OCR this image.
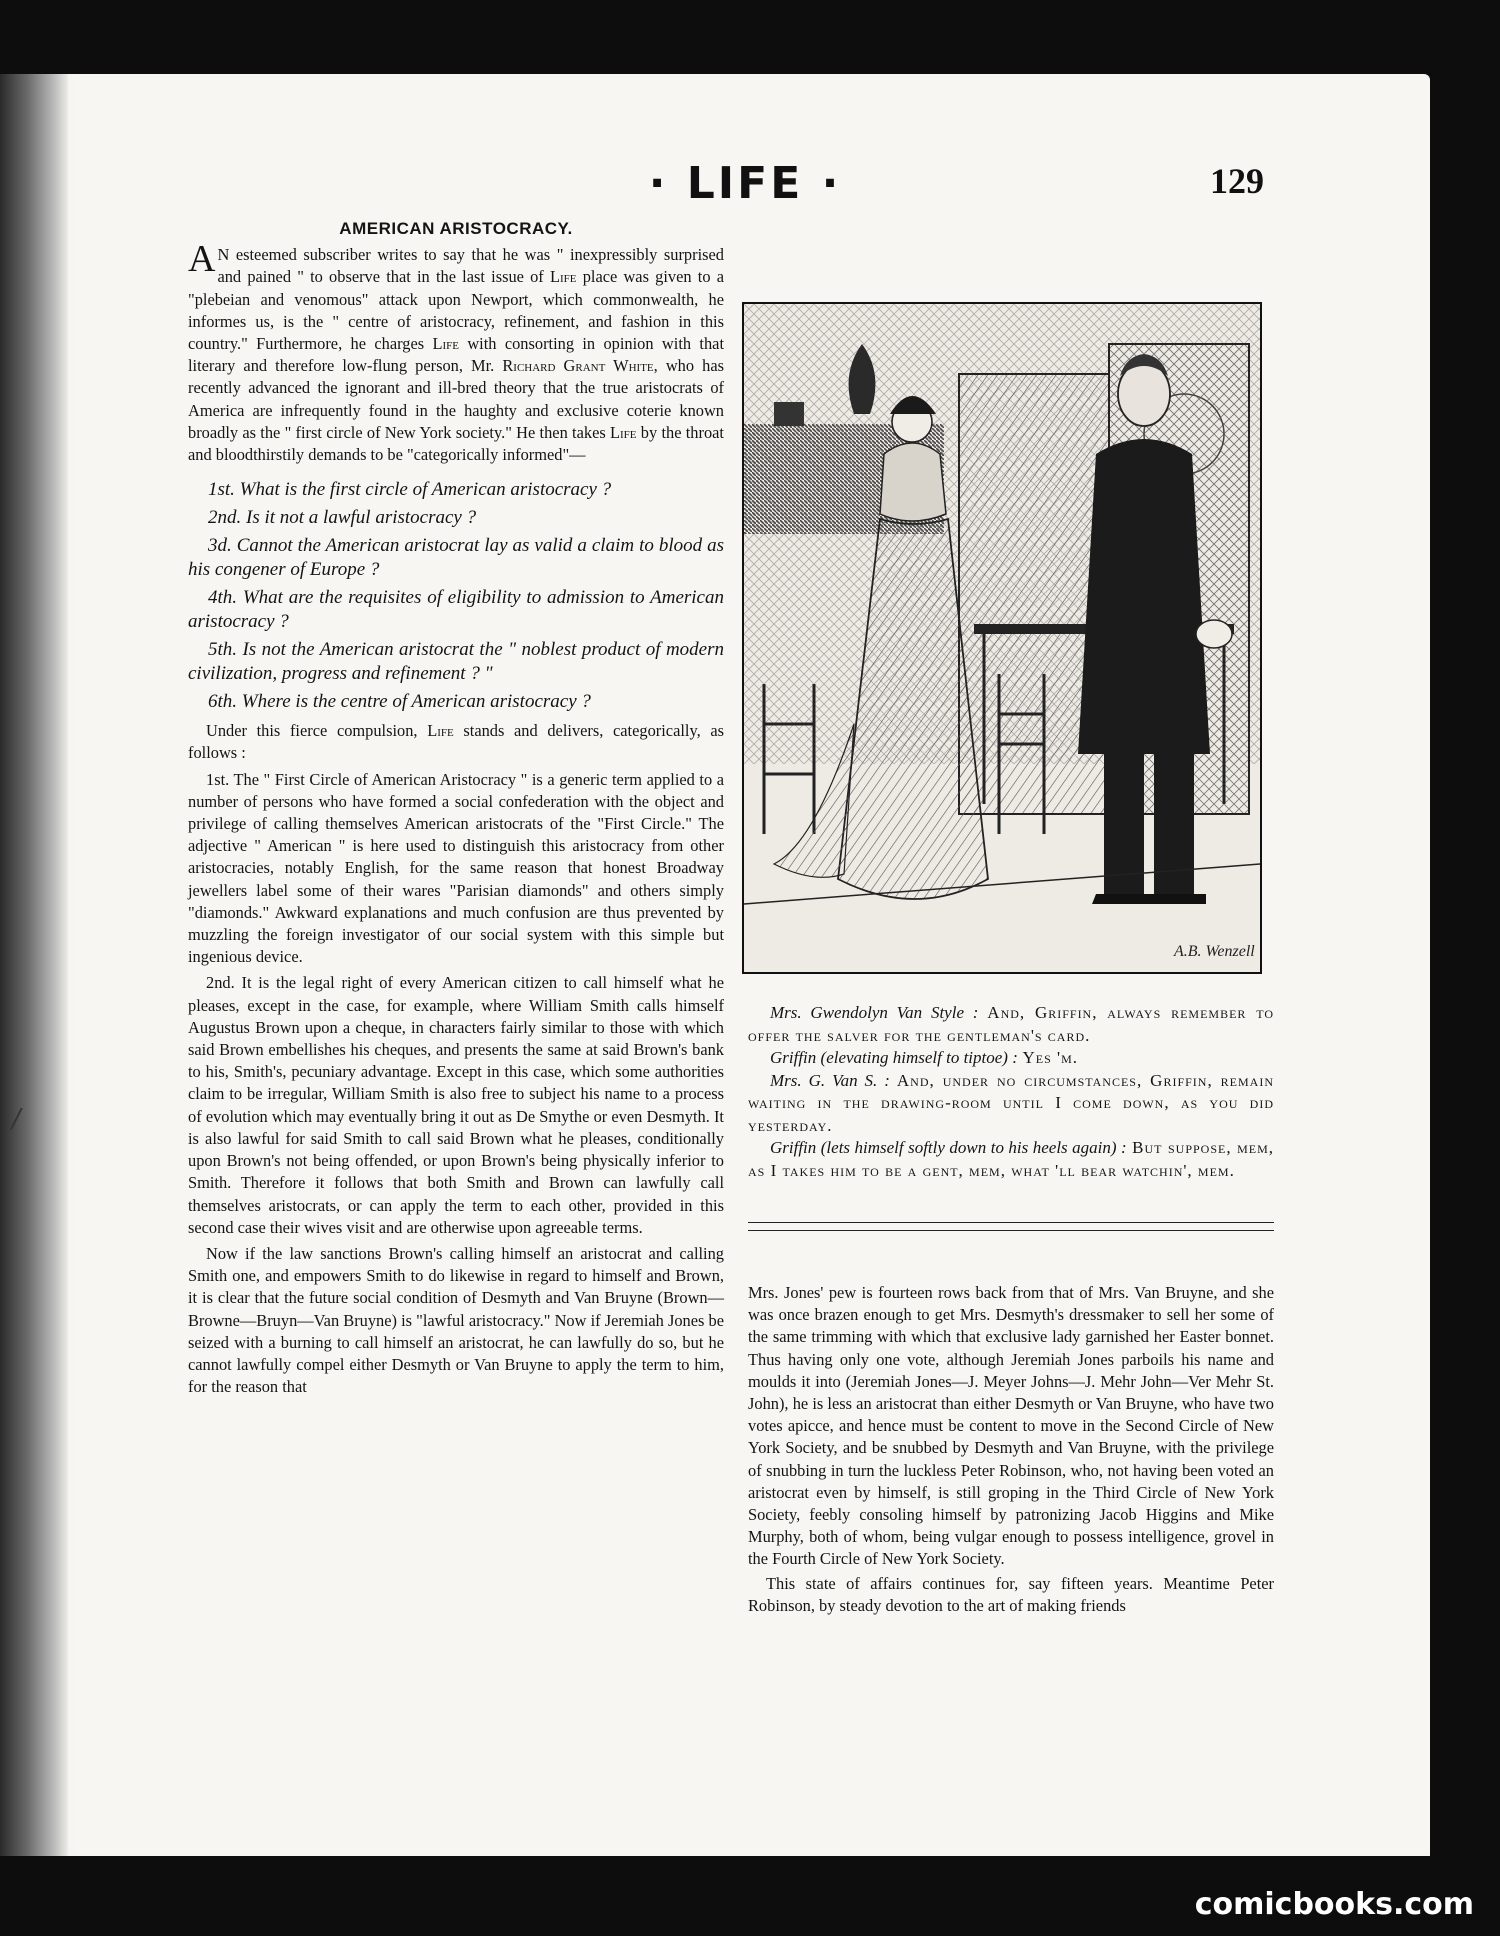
· LIFE ·	129

AMERICAN ARISTOCRACY.

AN esteemed subscriber writes to say that he was " inexpressibly surprised and pained " to observe that in the last issue of Life place was given to a "plebeian and venomous" attack upon Newport, which commonwealth, he informes us, is the " centre of aristocracy, refinement, and fashion in this country." Furthermore, he charges Life with consorting in opinion with that literary and therefore low-flung person, Mr. Richard Grant White, who has recently advanced the ignorant and ill-bred theory that the true aristocrats of America are infrequently found in the haughty and exclusive coterie known broadly as the " first circle of New York society." He then takes Life by the throat and bloodthirstily demands to be "categorically informed"—

1st. What is the first circle of American aristocracy ?

2nd. Is it not a lawful aristocracy ?

3d. Cannot the American aristocrat lay as valid a claim to blood as his congener of Europe ?

4th. What are the requisites of eligibility to admission to American aristocracy ?

5th. Is not the American aristocrat the " noblest product of modern civilization, progress and refinement ? "

6th. Where is the centre of American aristocracy ?

Under this fierce compulsion, Life stands and delivers, categorically, as follows :

1st. The " First Circle of American Aristocracy " is a generic term applied to a number of persons who have formed a social confederation with the object and privilege of calling themselves American aristocrats of the "First Circle." The adjective " American " is here used to distinguish this aristocracy from other aristocracies, notably English, for the same reason that honest Broadway jewellers label some of their wares "Parisian diamonds" and others simply "diamonds." Awkward explanations and much confusion are thus prevented by muzzling the foreign investigator of our social system with this simple but ingenious device.

2nd. It is the legal right of every American citizen to call himself what he pleases, except in the case, for example, where William Smith calls himself Augustus Brown upon a cheque, in characters fairly similar to those with which said Brown embellishes his cheques, and presents the same at said Brown's bank to his, Smith's, pecuniary advantage. Except in this case, which some authorities claim to be irregular, William Smith is also free to subject his name to a process of evolution which may eventually bring it out as De Smythe or even Desmyth. It is also lawful for said Smith to call said Brown what he pleases, conditionally upon Brown's not being offended, or upon Brown's being physically inferior to Smith. Therefore it follows that both Smith and Brown can lawfully call themselves aristocrats, or can apply the term to each other, provided in this second case their wives visit and are otherwise upon agreeable terms.

Now if the law sanctions Brown's calling himself an aristocrat and calling Smith one, and empowers Smith to do likewise in regard to himself and Brown, it is clear that the future social condition of Desmyth and Van Bruyne (Brown—Browne—Bruyn—Van Bruyne) is "lawful aristocracy." Now if Jeremiah Jones be seized with a burning to call himself an aristocrat, he can lawfully do so, but he cannot lawfully compel either Desmyth or Van Bruyne to apply the term to him, for the reason that

A.B. Wenzell

Mrs. Gwendolyn Van Style : And, Griffin, always remember to offer the salver for the gentleman's card.

Griffin (elevating himself to tiptoe) : Yes 'm.

Mrs. G. Van S. : And, under no circumstances, Griffin, remain waiting in the drawing-room until I come down, as you did yesterday.

Griffin (lets himself softly down to his heels again) : But suppose, mem, as I takes him to be a gent, mem, what 'll bear watchin', mem.

Mrs. Jones' pew is fourteen rows back from that of Mrs. Van Bruyne, and she was once brazen enough to get Mrs. Desmyth's dressmaker to sell her some of the same trimming with which that exclusive lady garnished her Easter bonnet. Thus having only one vote, although Jeremiah Jones parboils his name and moulds it into (Jeremiah Jones—J. Meyer Johns—J. Mehr John—Ver Mehr St. John), he is less an aristocrat than either Desmyth or Van Bruyne, who have two votes apicce, and hence must be content to move in the Second Circle of New York Society, and be snubbed by Desmyth and Van Bruyne, with the privilege of snubbing in turn the luckless Peter Robinson, who, not having been voted an aristocrat even by himself, is still groping in the Third Circle of New York Society, feebly consoling himself by patronizing Jacob Higgins and Mike Murphy, both of whom, being vulgar enough to possess intelligence, grovel in the Fourth Circle of New York Society.

This state of affairs continues for, say fifteen years. Meantime Peter Robinson, by steady devotion to the art of making friends

/
comicbooks.com
